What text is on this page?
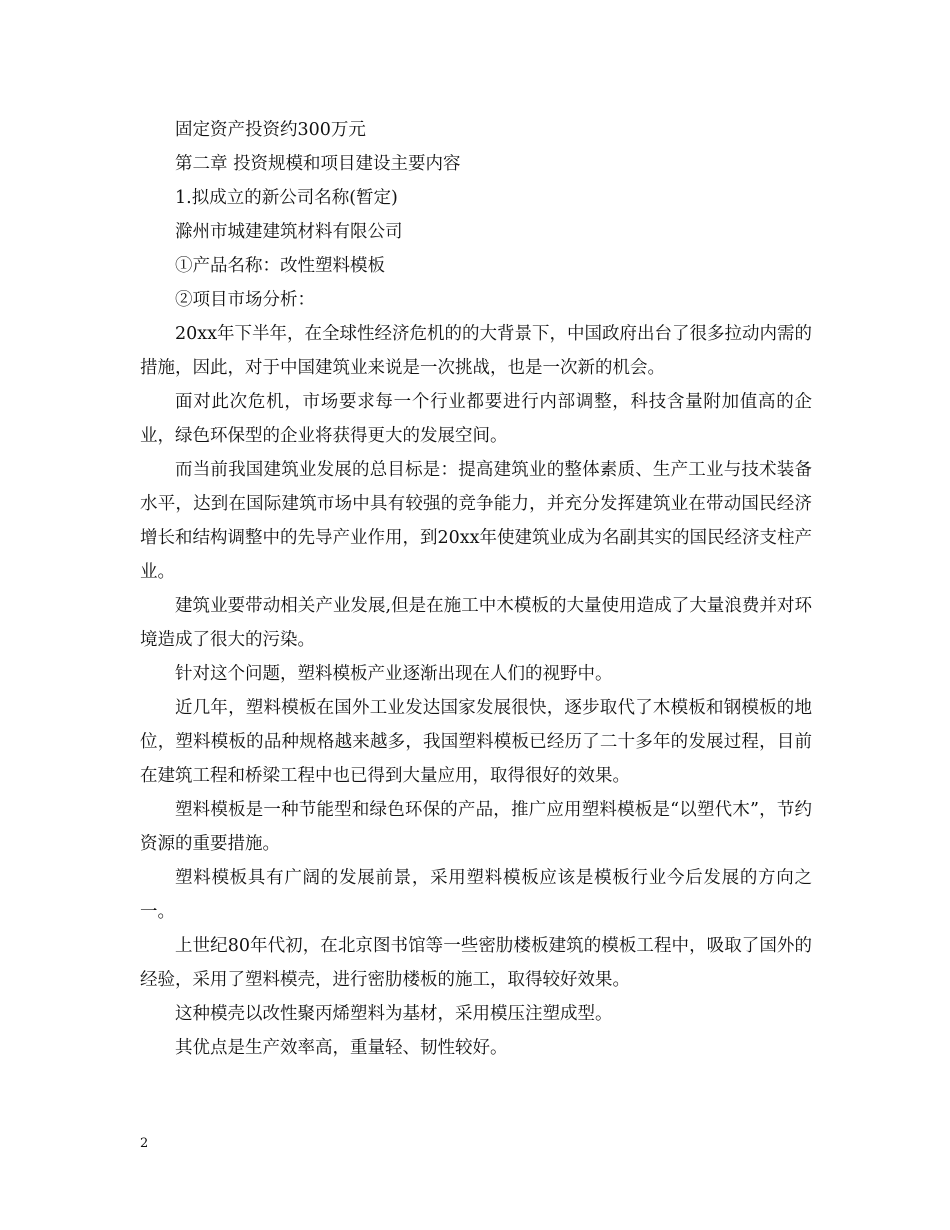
固定资产投资约300万元

第二章 投资规模和项目建设主要内容

1.拟成立的新公司名称(暂定)

滁州市城建建筑材料有限公司

①产品名称：改性塑料模板

②项目市场分析：

20xx年下半年，在全球性经济危机的的大背景下，中国政府出台了很多拉动内需的措施，因此，对于中国建筑业来说是一次挑战，也是一次新的机会。

面对此次危机，市场要求每一个行业都要进行内部调整，科技含量附加值高的企业，绿色环保型的企业将获得更大的发展空间。

而当前我国建筑业发展的总目标是：提高建筑业的整体素质、生产工业与技术装备水平，达到在国际建筑市场中具有较强的竞争能力，并充分发挥建筑业在带动国民经济增长和结构调整中的先导产业作用，到20xx年使建筑业成为名副其实的国民经济支柱产业。

建筑业要带动相关产业发展,但是在施工中木模板的大量使用造成了大量浪费并对环境造成了很大的污染。

针对这个问题，塑料模板产业逐渐出现在人们的视野中。

近几年，塑料模板在国外工业发达国家发展很快，逐步取代了木模板和钢模板的地位，塑料模板的品种规格越来越多，我国塑料模板已经历了二十多年的发展过程，目前在建筑工程和桥梁工程中也已得到大量应用，取得很好的效果。

塑料模板是一种节能型和绿色环保的产品，推广应用塑料模板是“以塑代木”，节约资源的重要措施。

塑料模板具有广阔的发展前景，采用塑料模板应该是模板行业今后发展的方向之一。

上世纪80年代初，在北京图书馆等一些密肋楼板建筑的模板工程中，吸取了国外的经验，采用了塑料模壳，进行密肋楼板的施工，取得较好效果。

这种模壳以改性聚丙烯塑料为基材，采用模压注塑成型。

其优点是生产效率高，重量轻、韧性较好。

2
